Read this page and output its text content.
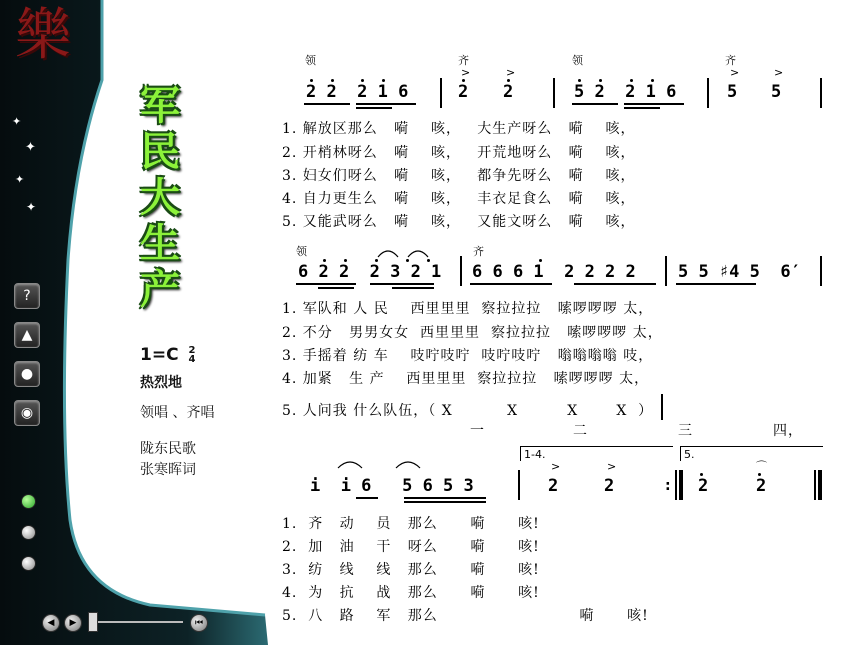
樂
✦
✦
✦
✦
?
▲
●
◉
◀	▶	⏮
军
民
大
生
产
1=C 2
4
热烈地
领唱 、齐唱
陇东民歌
张寒晖词
领	齐	领	齐
>	>	>	>
2 2  2 1 6	2 2	5 2  2 1 6	5 5
1. 解放区那么   嗬    咳，   大生产呀么   嗬    咳，
2. 开梢林呀么   嗬    咳，   开荒地呀么   嗬    咳，
3. 妇女们呀么   嗬    咳，   都争先呀么   嗬    咳，
4. 自力更生么   嗬    咳，   丰衣足食么   嗬    咳，
5. 又能武呀么   嗬    咳，   又能文呀么   嗬    咳，
领	齐
6 2 2  2 3 2 1 6 6 6 1  2 2 2 2 5 5 ♯4 5  6′
1. 军队和 人 民    西里里里  察拉拉拉   嗦啰啰啰 太，
2. 不分   男男女女  西里里里  察拉拉拉   嗦啰啰啰 太，
3. 手摇着 纺 车    吱咛吱咛  吱咛吱咛   嗡嗡嗡嗡 吱，
4. 加紧   生 产    西里里里  察拉拉拉   嗦啰啰啰 太，
5. 人问我 什么队伍，（ X          X         X       X  ）
一	二	三	四，
1-4.	5.
>	>	⌒
i  i 6   5 6 5 3	2	2	2	2
:
1.  齐   动    员   那么      嗬      咳!
2.  加   油    干   呀么      嗬      咳!
3.  纺   线    线   那么      嗬      咳!
4.  为   抗    战   那么      嗬      咳!
5.  八   路    军   那么                          嗬      咳!
